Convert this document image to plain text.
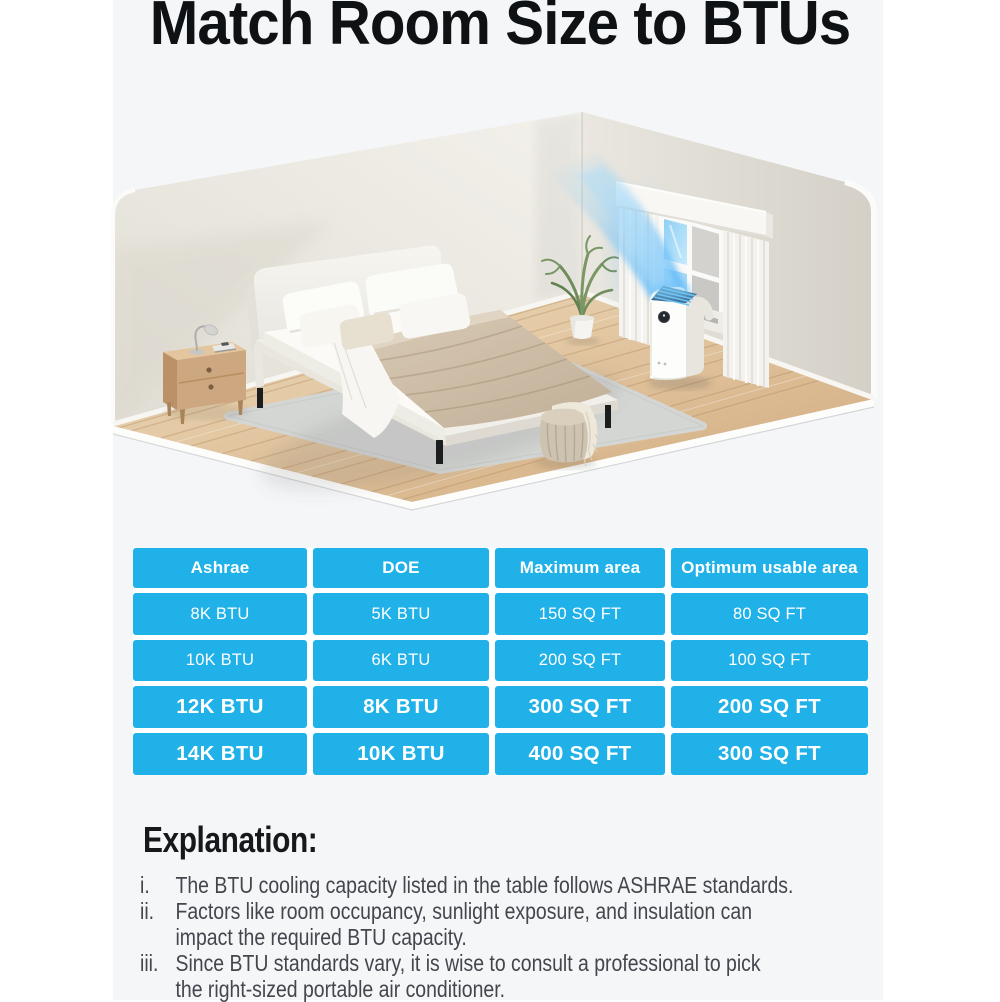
Match Room Size to BTUs
Ashrae	DOE	Maximum area	Optimum usable area
8K BTU	5K BTU	150 SQ FT	80 SQ FT
10K BTU	6K BTU	200 SQ FT	100 SQ FT
12K BTU	8K BTU	300 SQ FT	200 SQ FT
14K BTU	10K BTU	400 SQ FT	300 SQ FT
Explanation:
i.	The BTU cooling capacity listed in the table follows ASHRAE standards.
ii. Factors like room occupancy, sunlight exposure, and insulation can
impact the required BTU capacity.
iii. Since BTU standards vary, it is wise to consult a professional to pick
the right-sized portable air conditioner.
